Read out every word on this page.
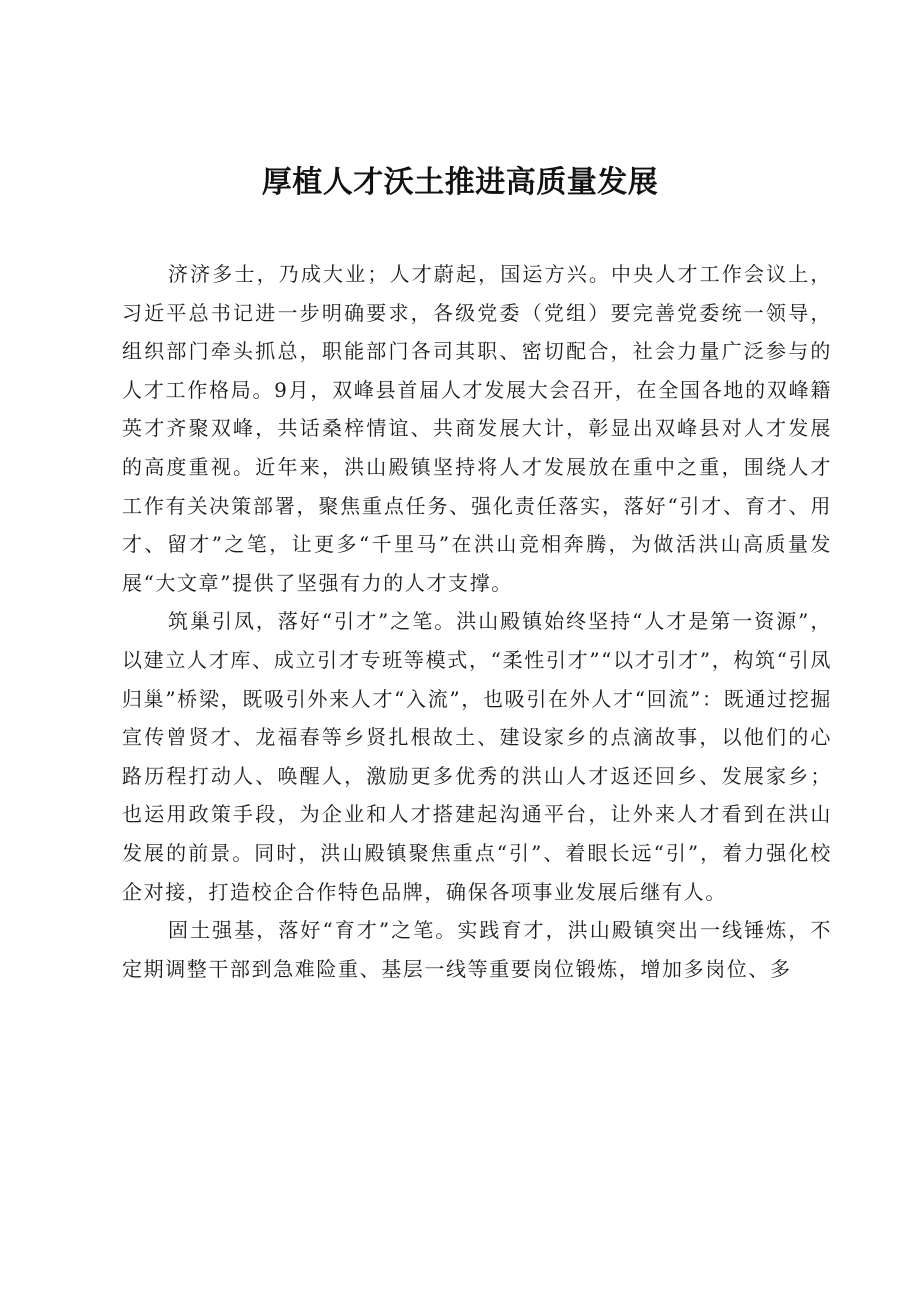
厚植人才沃土推进高质量发展

济济多士，乃成大业；人才蔚起，国运方兴。中央人才工作会议上，习近平总书记进一步明确要求，各级党委（党组）要完善党委统一领导，组织部门牵头抓总，职能部门各司其职、密切配合，社会力量广泛参与的人才工作格局。9月，双峰县首届人才发展大会召开，在全国各地的双峰籍英才齐聚双峰，共话桑梓情谊、共商发展大计，彰显出双峰县对人才发展的高度重视。近年来，洪山殿镇坚持将人才发展放在重中之重，围绕人才工作有关决策部署，聚焦重点任务、强化责任落实，落好“引才、育才、用才、留才”之笔，让更多“千里马”在洪山竞相奔腾，为做活洪山高质量发展“大文章”提供了坚强有力的人才支撑。

筑巢引凤，落好“引才”之笔。洪山殿镇始终坚持“人才是第一资源”，以建立人才库、成立引才专班等模式，“柔性引才”“以才引才”，构筑“引凤归巢”桥梁，既吸引外来人才“入流”，也吸引在外人才“回流”：既通过挖掘宣传曾贤才、龙福春等乡贤扎根故土、建设家乡的点滴故事，以他们的心路历程打动人、唤醒人，激励更多优秀的洪山人才返还回乡、发展家乡；也运用政策手段，为企业和人才搭建起沟通平台，让外来人才看到在洪山发展的前景。同时，洪山殿镇聚焦重点“引”、着眼长远“引”，着力强化校企对接，打造校企合作特色品牌，确保各项事业发展后继有人。

固土强基，落好“育才”之笔。实践育才，洪山殿镇突出一线锤炼，不定期调整干部到急难险重、基层一线等重要岗位锻炼，增加多岗位、多
